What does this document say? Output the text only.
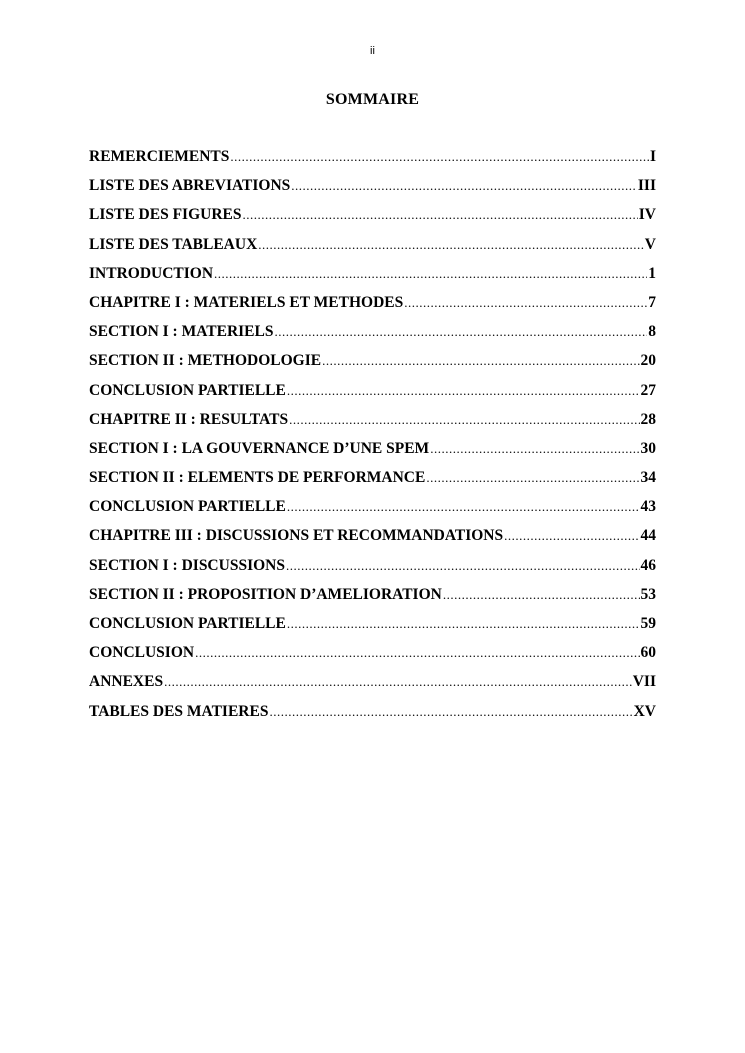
ii
SOMMAIRE
REMERCIEMENTS .....	I
LISTE DES ABREVIATIONS .....	III
LISTE DES FIGURES .....	IV
LISTE DES TABLEAUX .....	V
INTRODUCTION .....	1
CHAPITRE I : MATERIELS ET METHODES .....	7
SECTION I : MATERIELS .....	8
SECTION II : METHODOLOGIE .....	20
CONCLUSION PARTIELLE .....	27
CHAPITRE II : RESULTATS .....	28
SECTION I : LA GOUVERNANCE D’UNE SPEM .....	30
SECTION II : ELEMENTS DE PERFORMANCE .....	34
CONCLUSION PARTIELLE .....	43
CHAPITRE III : DISCUSSIONS ET RECOMMANDATIONS .....	44
SECTION I : DISCUSSIONS .....	46
SECTION II : PROPOSITION D’AMELIORATION .....	53
CONCLUSION PARTIELLE .....	59
CONCLUSION .....	60
ANNEXES .....	VII
TABLES DES MATIERES .....	XV
